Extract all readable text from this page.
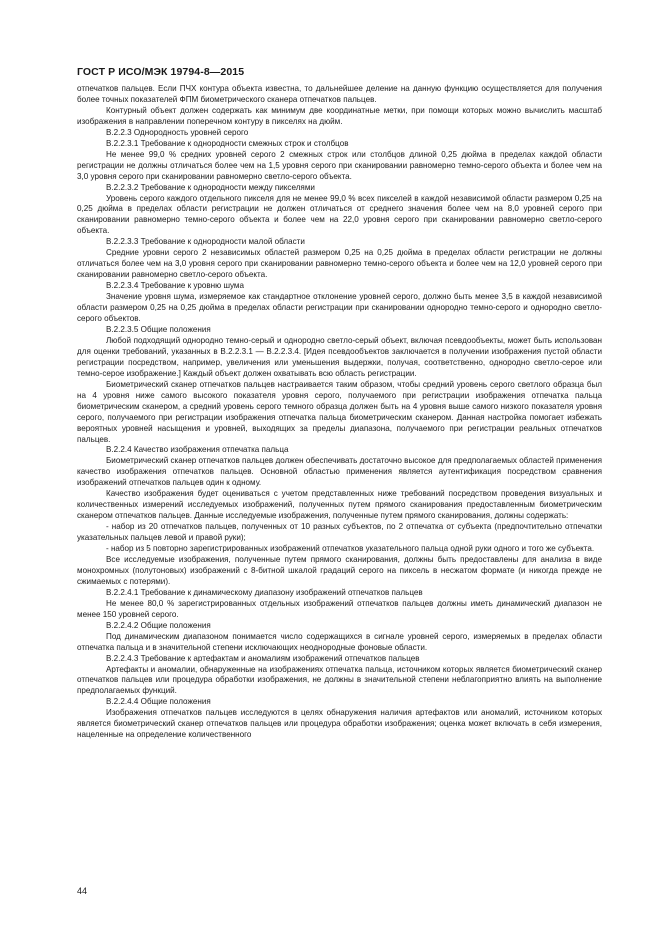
ГОСТ Р ИСО/МЭК 19794-8—2015

отпечатков пальцев. Если ПЧХ контура объекта известна, то дальнейшее деление на данную функцию осуществляется для получения более точных показателей ФПМ биометрического сканера отпечатков пальцев.

Контурный объект должен содержать как минимум две координатные метки, при помощи которых можно вычислить масштаб изображения в направлении поперечном контуру в пикселях на дюйм.

В.2.2.3 Однородность уровней серого

В.2.2.3.1 Требование к однородности смежных строк и столбцов

Не менее 99,0 % средних уровней серого 2 смежных строк или столбцов длиной 0,25 дюйма в пределах каждой области регистрации не должны отличаться более чем на 1,5 уровня серого при сканировании равномерно темно-серого объекта и более чем на 3,0 уровня серого при сканировании равномерно светло-серого объекта.

В.2.2.3.2 Требование к однородности между пикселями

Уровень серого каждого отдельного пикселя для не менее 99,0 % всех пикселей в каждой независимой области размером 0,25 на 0,25 дюйма в пределах области регистрации не должен отличаться от среднего значения более чем на 8,0 уровней серого при сканировании равномерно темно-серого объекта и более чем на 22,0 уровня серого при сканировании равномерно светло-серого объекта.

В.2.2.3.3 Требование к однородности малой области

Средние уровни серого 2 независимых областей размером 0,25 на 0,25 дюйма в пределах области регистрации не должны отличаться более чем на 3,0 уровня серого при сканировании равномерно темно-серого объекта и более чем на 12,0 уровней серого при сканировании равномерно светло-серого объекта.

В.2.2.3.4 Требование к уровню шума

Значение уровня шума, измеряемое как стандартное отклонение уровней серого, должно быть менее 3,5 в каждой независимой области размером 0,25 на 0,25 дюйма в пределах области регистрации при сканировании однородно темно-серого и однородно светло-серого объектов.

В.2.2.3.5 Общие положения

Любой подходящий однородно темно-серый и однородно светло-серый объект, включая псевдообъекты, может быть использован для оценки требований, указанных в В.2.2.3.1 — В.2.2.3.4. [Идея псевдообъектов заключается в получении изображения пустой области регистрации посредством, например, увеличения или уменьшения выдержки, получая, соответственно, однородно светло-серое или темно-серое изображение.] Каждый объект должен охватывать всю область регистрации.

Биометрический сканер отпечатков пальцев настраивается таким образом, чтобы средний уровень серого светлого образца был на 4 уровня ниже самого высокого показателя уровня серого, получаемого при регистрации изображения отпечатка пальца биометрическим сканером, а средний уровень серого темного образца должен быть на 4 уровня выше самого низкого показателя уровня серого, получаемого при регистрации изображения отпечатка пальца биометрическим сканером. Данная настройка помогает избежать вероятных уровней насыщения и уровней, выходящих за пределы диапазона, получаемого при регистрации реальных отпечатков пальцев.

В.2.2.4 Качество изображения отпечатка пальца

Биометрический сканер отпечатков пальцев должен обеспечивать достаточно высокое для предполагаемых областей применения качество изображения отпечатков пальцев. Основной областью применения является аутентификация посредством сравнения изображений отпечатков пальцев один к одному.

Качество изображения будет оцениваться с учетом представленных ниже требований посредством проведения визуальных и количественных измерений исследуемых изображений, полученных путем прямого сканирования предоставленным биометрическим сканером отпечатков пальцев. Данные исследуемые изображения, полученные путем прямого сканирования, должны содержать:

- набор из 20 отпечатков пальцев, полученных от 10 разных субъектов, по 2 отпечатка от субъекта (предпочтительно отпечатки указательных пальцев левой и правой руки);

- набор из 5 повторно зарегистрированных изображений отпечатков указательного пальца одной руки одного и того же субъекта.

Все исследуемые изображения, полученные путем прямого сканирования, должны быть предоставлены для анализа в виде монохромных (полутоновых) изображений с 8-битной шкалой градаций серого на пиксель в несжатом формате (и никогда прежде не сжимаемых с потерями).

В.2.2.4.1 Требование к динамическому диапазону изображений отпечатков пальцев

Не менее 80,0 % зарегистрированных отдельных изображений отпечатков пальцев должны иметь динамический диапазон не менее 150 уровней серого.

В.2.2.4.2 Общие положения

Под динамическим диапазоном понимается число содержащихся в сигнале уровней серого, измеряемых в пределах области отпечатка пальца и в значительной степени исключающих неоднородные фоновые области.

В.2.2.4.3 Требование к артефактам и аномалиям изображений отпечатков пальцев

Артефакты и аномалии, обнаруженные на изображениях отпечатка пальца, источником которых является биометрический сканер отпечатков пальцев или процедура обработки изображения, не должны в значительной степени неблагоприятно влиять на выполнение предполагаемых функций.

В.2.2.4.4 Общие положения

Изображения отпечатков пальцев исследуются в целях обнаружения наличия артефактов или аномалий, источником которых является биометрический сканер отпечатков пальцев или процедура обработки изображения; оценка может включать в себя измерения, нацеленные на определение количественного

44
